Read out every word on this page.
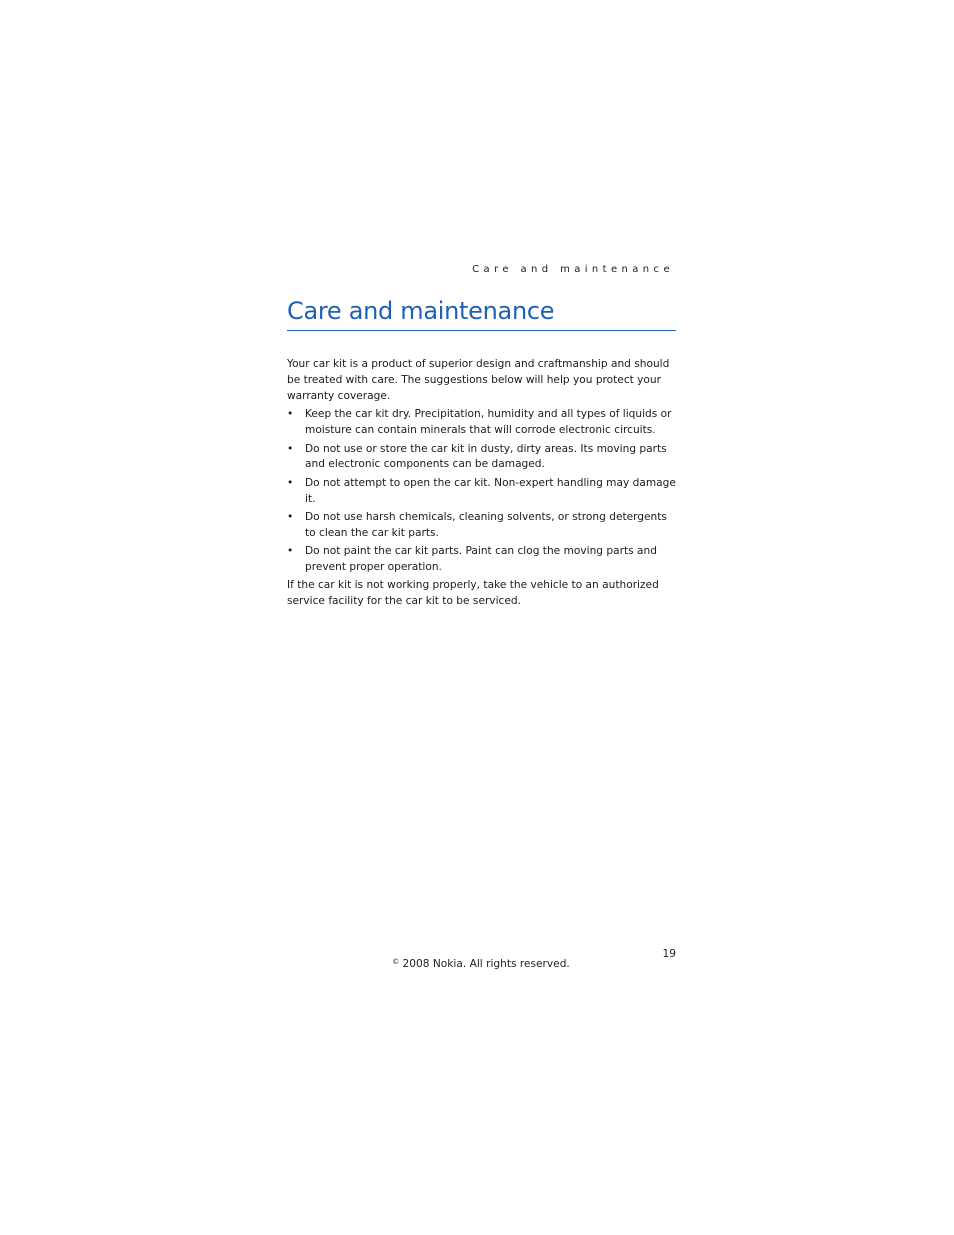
Care and maintenance
Care and maintenance

Your car kit is a product of superior design and craftmanship and should be treated with care. The suggestions below will help you protect your warranty coverage.

• Keep the car kit dry. Precipitation, humidity and all types of liquids or moisture can contain minerals that will corrode electronic circuits.
• Do not use or store the car kit in dusty, dirty areas. Its moving parts and electronic components can be damaged.
• Do not attempt to open the car kit. Non-expert handling may damage it.
• Do not use harsh chemicals, cleaning solvents, or strong detergents to clean the car kit parts.
• Do not paint the car kit parts. Paint can clog the moving parts and prevent proper operation.

If the car kit is not working properly, take the vehicle to an authorized service facility for the car kit to be serviced.

19
© 2008 Nokia. All rights reserved.
